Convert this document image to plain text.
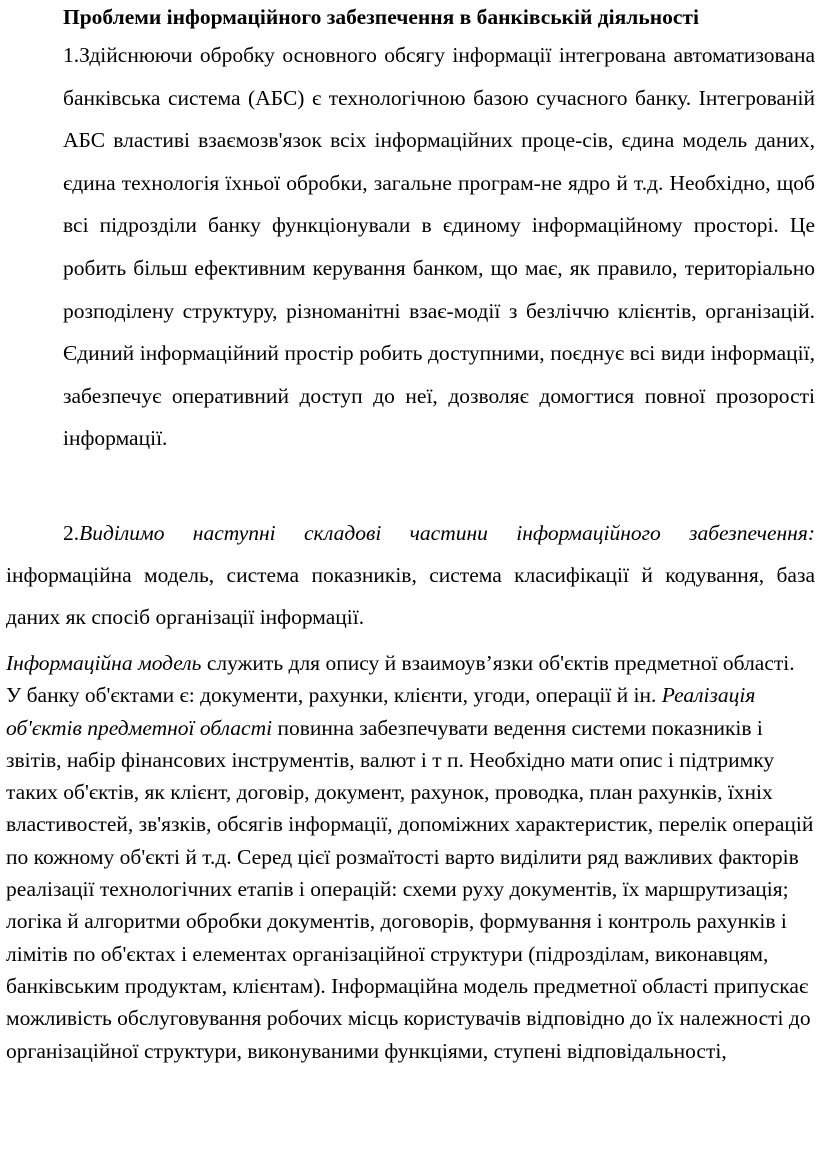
Проблеми інформаційного забезпечення в банківській діяльності

1.Здійснюючи обробку основного обсягу інформації інтегрована автоматизована банківська система (АБС) є технологічною базою сучасного банку. Інтегрованій АБС властиві взаємозв'язок всіх інформаційних проце-сів, єдина модель даних, єдина технологія їхньої обробки, загальне програм-не ядро й т.д. Необхідно, щоб всі підрозділи банку функціонували в єдиному інформаційному просторі. Це робить більш ефективним керування банком, що має, як правило, територіально розподілену структуру, різноманітні взає-модії з безліччю клієнтів, організацій. Єдиний інформаційний простір робить доступними, поєднує всі види інформації, забезпечує оперативний доступ до неї, дозволяє домогтися повної прозорості інформації.

2.Виділимо наступні складові частини інформаційного забезпечення: інформаційна модель, система показників, система класифікації й кодування, база даних як спосіб організації інформації.

Інформаційна модель служить для опису й взаимоув’язки об'єктів предметної області. У банку об'єктами є: документи, рахунки, клієнти, угоди, операції й ін. Реалізація об'єктів предметної області повинна забезпечувати ведення системи показників і звітів, набір фінансових інструментів, валют і т п. Необхідно мати опис і підтримку таких об'єктів, як клієнт, договір, документ, рахунок, проводка, план рахунків, їхніх властивостей, зв'язків, обсягів інформації, допоміжних характеристик, перелік операцій по кожному об'єкті й т.д. Серед цієї розмаїтості варто виділити ряд важливих факторів реалізації технологічних етапів і операцій: схеми руху документів, їх маршрутизація; логіка й алгоритми обробки документів, договорів, формування і контроль рахунків і лімітів по об'єктах і елементах організаційної структури (підрозділам, виконавцям, банківським продуктам, клієнтам). Інформаційна модель предметної області припускає можливість обслуговування робочих місць користувачів відповідно до їх належності до організаційної структури, виконуваними функціями, ступені відповідальності,
